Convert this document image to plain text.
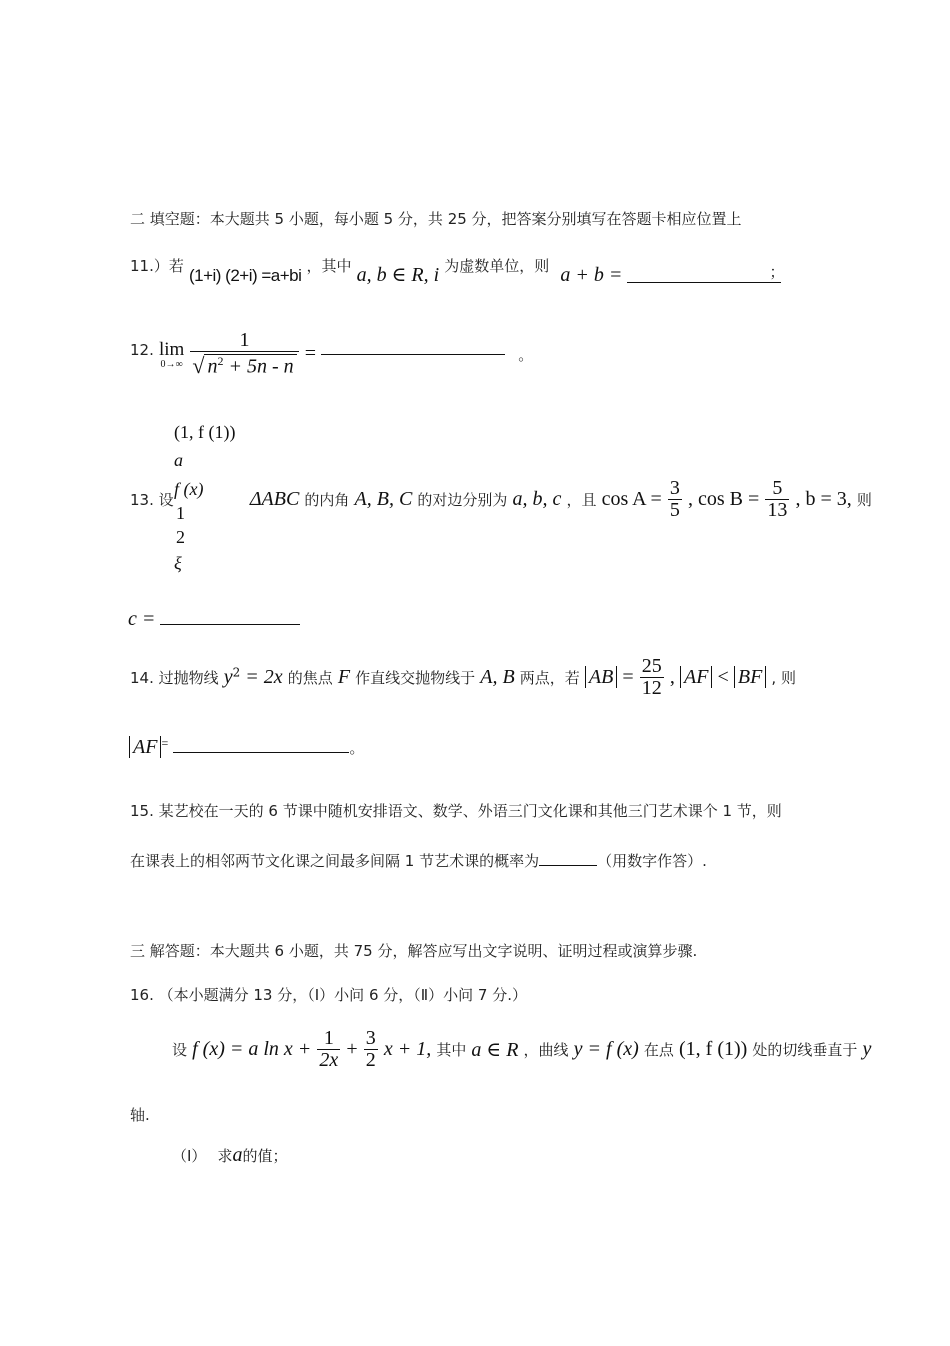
二 填空题：本大题共 5 小题，每小题 5 分，共 25 分，把答案分别填写在答题卡相应位置上
11.）若 (1+i) (2+i) =a+bi ，其中 a, b ∈ R, i 为虚数单位，则 a + b =	；
12. lim
0→∞
$\frac{1}{√ n^2 + 5n - n}$ =	。
(1, f (1))
a
f (x)
1
2
ξ
13. 设	ΔABC 的内角 A, B, C 的对边分别为 a, b, c ，且 $\cos A = \frac{3}{5}$ , $\cos B = \frac{5}{13}$ , b = 3, 则
c =
14. 过抛物线 $y^2 = 2x$ 的焦点 F 作直线交抛物线于 A, B 两点，若 AB = $\frac{25}{12}$ , AF < BF , 则
AF =	。
15. 某艺校在一天的 6 节课中随机安排语文、数学、外语三门文化课和其他三门艺术课个 1 节，则
在课表上的相邻两节文化课之间最多间隔 1 节艺术课的概率为	（用数字作答）.
三 解答题：本大题共 6 小题，共 75 分，解答应写出文字说明、证明过程或演算步骤.
16. （本小题满分 13 分，（Ⅰ）小问 6 分，（Ⅱ）小问 7 分.）
设 f (x) = a $\ln x + \frac{1}{2x} + \frac{3}{2}$ x + 1, 其中 a ∈ R ，曲线 y = f (x) 在点 (1, f (1)) 处的切线垂直于 y
轴.
（Ⅰ） 求a的值；
